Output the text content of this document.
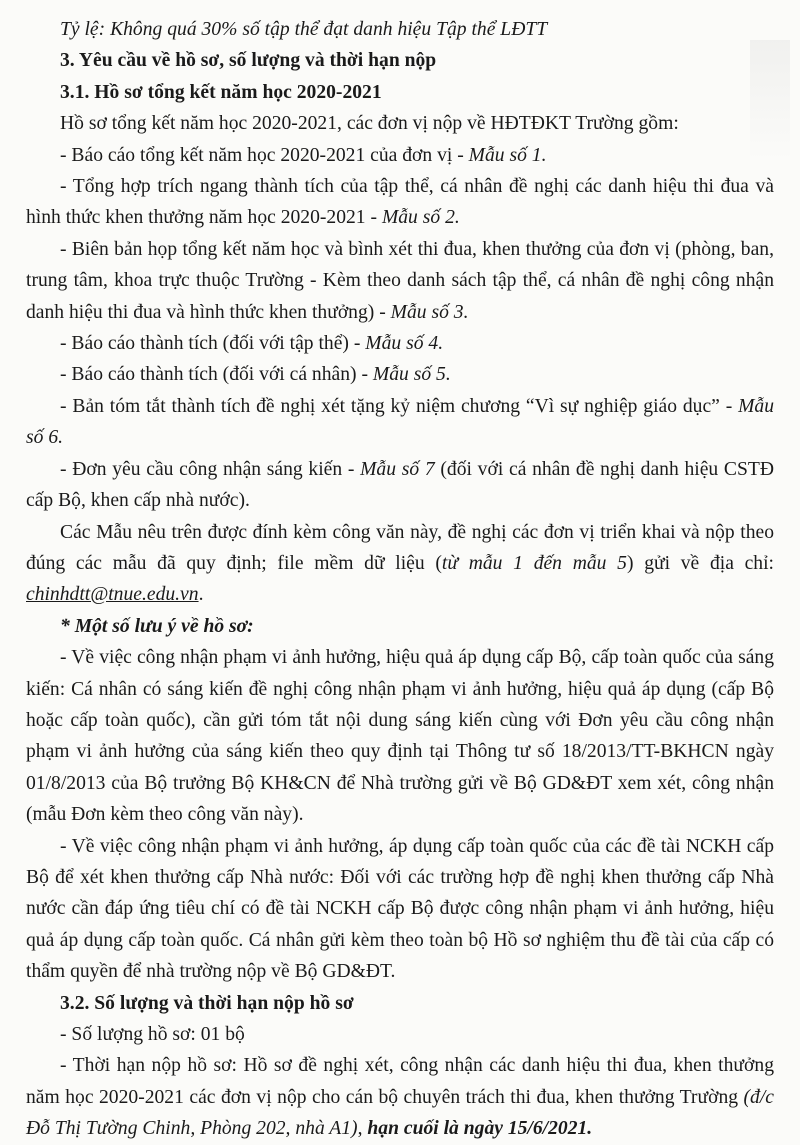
Tỷ lệ: Không quá 30% số tập thể đạt danh hiệu Tập thể LĐTT

3. Yêu cầu về hồ sơ, số lượng và thời hạn nộp

3.1. Hồ sơ tổng kết năm học 2020-2021

Hồ sơ tổng kết năm học 2020-2021, các đơn vị nộp về HĐTĐKT Trường gồm:

- Báo cáo tổng kết năm học 2020-2021 của đơn vị - Mẫu số 1.

- Tổng hợp trích ngang thành tích của tập thể, cá nhân đề nghị các danh hiệu thi đua và hình thức khen thưởng năm học 2020-2021 - Mẫu số 2.

- Biên bản họp tổng kết năm học và bình xét thi đua, khen thưởng của đơn vị (phòng, ban, trung tâm, khoa trực thuộc Trường - Kèm theo danh sách tập thể, cá nhân đề nghị công nhận danh hiệu thi đua và hình thức khen thưởng) - Mẫu số 3.

- Báo cáo thành tích (đối với tập thể) - Mẫu số 4.

- Báo cáo thành tích (đối với cá nhân) - Mẫu số 5.

- Bản tóm tắt thành tích đề nghị xét tặng kỷ niệm chương “Vì sự nghiệp giáo dục” - Mẫu số 6.

- Đơn yêu cầu công nhận sáng kiến - Mẫu số 7 (đối với cá nhân đề nghị danh hiệu CSTĐ cấp Bộ, khen cấp nhà nước).

Các Mẫu nêu trên được đính kèm công văn này, đề nghị các đơn vị triển khai và nộp theo đúng các mẫu đã quy định; file mềm dữ liệu (từ mẫu 1 đến mẫu 5) gửi về địa chỉ: chinhdtt@tnue.edu.vn.

* Một số lưu ý về hồ sơ:

- Về việc công nhận phạm vi ảnh hưởng, hiệu quả áp dụng cấp Bộ, cấp toàn quốc của sáng kiến: Cá nhân có sáng kiến đề nghị công nhận phạm vi ảnh hưởng, hiệu quả áp dụng (cấp Bộ hoặc cấp toàn quốc), cần gửi tóm tắt nội dung sáng kiến cùng với Đơn yêu cầu công nhận phạm vi ảnh hưởng của sáng kiến theo quy định tại Thông tư số 18/2013/TT-BKHCN ngày 01/8/2013 của Bộ trưởng Bộ KH&CN để Nhà trường gửi về Bộ GD&ĐT xem xét, công nhận (mẫu Đơn kèm theo công văn này).

- Về việc công nhận phạm vi ảnh hưởng, áp dụng cấp toàn quốc của các đề tài NCKH cấp Bộ để xét khen thưởng cấp Nhà nước: Đối với các trường hợp đề nghị khen thưởng cấp Nhà nước cần đáp ứng tiêu chí có đề tài NCKH cấp Bộ được công nhận phạm vi ảnh hưởng, hiệu quả áp dụng cấp toàn quốc. Cá nhân gửi kèm theo toàn bộ Hồ sơ nghiệm thu đề tài của cấp có thẩm quyền để nhà trường nộp về Bộ GD&ĐT.

3.2. Số lượng và thời hạn nộp hồ sơ

- Số lượng hồ sơ: 01 bộ

- Thời hạn nộp hồ sơ: Hồ sơ đề nghị xét, công nhận các danh hiệu thi đua, khen thưởng năm học 2020-2021 các đơn vị nộp cho cán bộ chuyên trách thi đua, khen thưởng Trường (đ/c Đỗ Thị Tường Chinh, Phòng 202, nhà A1), hạn cuối là ngày 15/6/2021.
